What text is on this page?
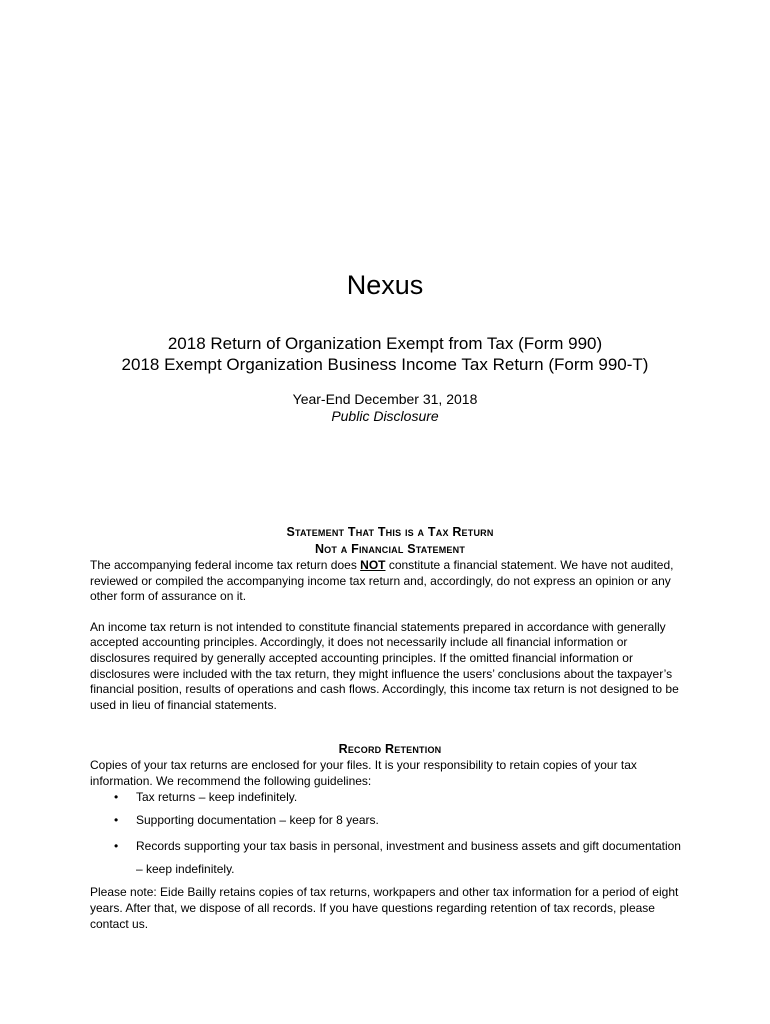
Nexus
2018 Return of Organization Exempt from Tax (Form 990)
2018 Exempt Organization Business Income Tax Return (Form 990-T)
Year-End December 31, 2018
Public Disclosure
Statement That This is a Tax Return
Not a Financial Statement

The accompanying federal income tax return does NOT constitute a financial statement. We have not audited, reviewed or compiled the accompanying income tax return and, accordingly, do not express an opinion or any other form of assurance on it.

An income tax return is not intended to constitute financial statements prepared in accordance with generally accepted accounting principles. Accordingly, it does not necessarily include all financial information or disclosures required by generally accepted accounting principles. If the omitted financial information or disclosures were included with the tax return, they might influence the users’ conclusions about the taxpayer’s financial position, results of operations and cash flows. Accordingly, this income tax return is not designed to be used in lieu of financial statements.

Record Retention

Copies of your tax returns are enclosed for your files. It is your responsibility to retain copies of your tax information. We recommend the following guidelines:

• Tax returns – keep indefinitely.
• Supporting documentation – keep for 8 years.
• Records supporting your tax basis in personal, investment and business assets and gift documentation – keep indefinitely.

Please note: Eide Bailly retains copies of tax returns, workpapers and other tax information for a period of eight years. After that, we dispose of all records. If you have questions regarding retention of tax records, please contact us.
